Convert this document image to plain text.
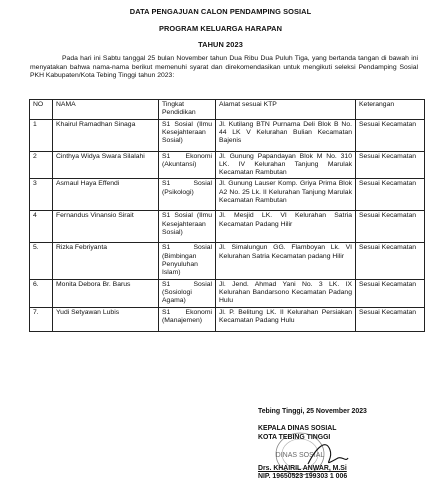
DATA PENGAJUAN CALON PENDAMPING SOSIAL
PROGRAM KELUARGA HARAPAN
TAHUN 2023
Pada hari ini Sabtu tanggal 25 bulan November tahun Dua Ribu Dua Puluh Tiga, yang bertanda tangan di bawah ini menyatakan bahwa nama-nama berikut memenuhi syarat dan direkomendasikan untuk mengikuti seleksi Pendamping Sosial PKH Kabupaten/Kota Tebing Tinggi tahun 2023:
NO	NAMA	Tingkat Pendidikan	Alamat sesuai KTP	Keterangan
1	Khairul Ramadhan Sinaga	S1 Sosial (Ilmu Kesejahteraan Sosial)	Jl. Kutilang BTN Purnama Deli Blok B No. 44 LK V Kelurahan Bulian Kecamatan Bajenis	Sesuai Kecamatan
2	Cinthya Widya Swara Silalahi	S1 Ekonomi (Akuntansi)	Jl. Gunung Papandayan Blok M No. 310 LK. IV Kelurahan Tanjung Marulak Kecamatan Rambutan	Sesuai Kecamatan
3	Asmaul Haya Effendi	S1 Sosial (Psikologi)	Jl. Gunung Lauser Komp. Griya Prima Blok A2 No. 25 Lk. II Kelurahan Tanjung Marulak Kecamatan Rambutan	Sesuai Kecamatan
4	Fernandus Vinansio Sirait	S1 Sosial (Ilmu Kesejahteraan Sosial)	Jl. Mesjid LK. VI Kelurahan Satria Kecamatan Padang Hilir	Sesuai Kecamatan
5.	Rizka Febriyanta	S1 Sosial (Bimbingan Penyuluhan Islam)	Jl. Simalungun GG. Flamboyan Lk. VI Kelurahan Satria Kecamatan padang Hilir	Sesuai Kecamatan
6.	Monita Debora Br. Barus	S1 Sosial (Sosiologi Agama)	Jl. Jend. Ahmad Yani No. 3 LK. IX Kelurahan Bandarsono Kecamatan Padang Hulu	Sesuai Kecamatan
7.	Yudi Setyawan Lubis	S1 Ekonomi (Manajemen)	Jl. P. Belitung LK. II Kelurahan Persiakan Kecamatan Padang Hulu	Sesuai Kecamatan
Tebing Tinggi, 25 November 2023
KEPALA DINAS SOSIAL
KOTA TEBING TINGGI
DINAS SOSIAL
Drs. KHAIRIL ANWAR, M.Si
NIP. 19650523 199303 1 006
